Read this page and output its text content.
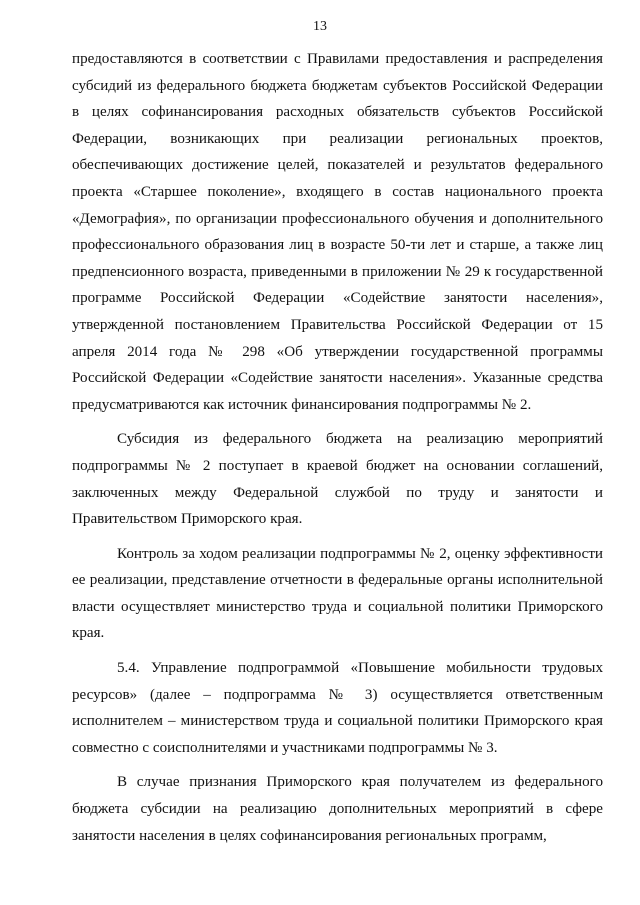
13

предоставляются в соответствии с Правилами предоставления и распределения субсидий из федерального бюджета бюджетам субъектов Российской Федерации в целях софинансирования расходных обязательств субъектов Российской Федерации, возникающих при реализации региональных проектов, обеспечивающих достижение целей, показателей и результатов федерального проекта «Старшее поколение», входящего в состав национального проекта «Демография», по организации профессионального обучения и дополнительного профессионального образования лиц в возрасте 50-ти лет и старше, а также лиц предпенсионного возраста, приведенными в приложении № 29 к государственной программе Российской Федерации «Содействие занятости населения», утвержденной постановлением Правительства Российской Федерации от 15 апреля 2014 года № 298 «Об утверждении государственной программы Российской Федерации «Содействие занятости населения». Указанные средства предусматриваются как источник финансирования подпрограммы № 2.

Субсидия из федерального бюджета на реализацию мероприятий подпрограммы № 2 поступает в краевой бюджет на основании соглашений, заключенных между Федеральной службой по труду и занятости и Правительством Приморского края.

Контроль за ходом реализации подпрограммы № 2, оценку эффективности ее реализации, представление отчетности в федеральные органы исполнительной власти осуществляет министерство труда и социальной политики Приморского края.

5.4. Управление подпрограммой «Повышение мобильности трудовых ресурсов» (далее – подпрограмма № 3) осуществляется ответственным исполнителем – министерством труда и социальной политики Приморского края совместно с соисполнителями и участниками подпрограммы № 3.

В случае признания Приморского края получателем из федерального бюджета субсидии на реализацию дополнительных мероприятий в сфере занятости населения в целях софинансирования региональных программ,
